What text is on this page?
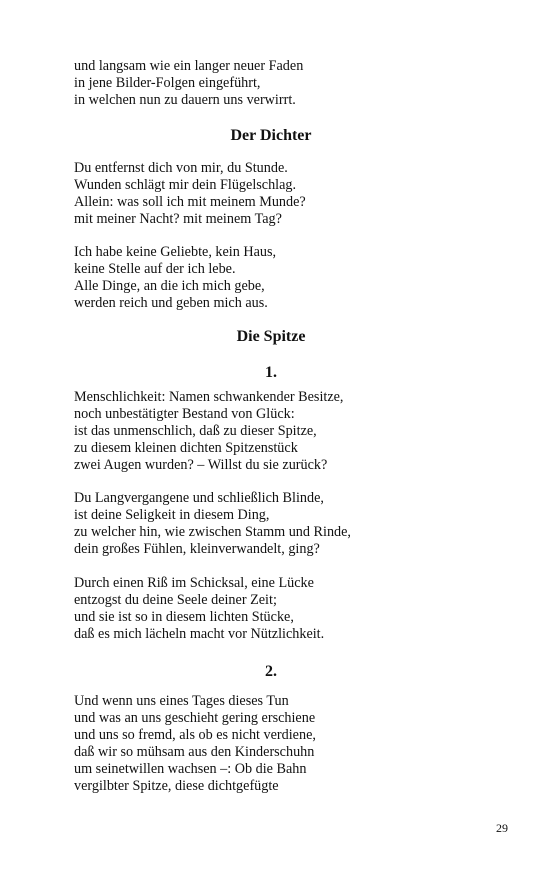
und langsam wie ein langer neuer Faden
in jene Bilder-Folgen eingeführt,
in welchen nun zu dauern uns verwirrt.
Der Dichter
Du entfernst dich von mir, du Stunde.
Wunden schlägt mir dein Flügelschlag.
Allein: was soll ich mit meinem Munde?
mit meiner Nacht? mit meinem Tag?
Ich habe keine Geliebte, kein Haus,
keine Stelle auf der ich lebe.
Alle Dinge, an die ich mich gebe,
werden reich und geben mich aus.
Die Spitze
1.
Menschlichkeit: Namen schwankender Besitze,
noch unbestätigter Bestand von Glück:
ist das unmenschlich, daß zu dieser Spitze,
zu diesem kleinen dichten Spitzenstück
zwei Augen wurden? – Willst du sie zurück?
Du Langvergangene und schließlich Blinde,
ist deine Seligkeit in diesem Ding,
zu welcher hin, wie zwischen Stamm und Rinde,
dein großes Fühlen, kleinverwandelt, ging?
Durch einen Riß im Schicksal, eine Lücke
entzogst du deine Seele deiner Zeit;
und sie ist so in diesem lichten Stücke,
daß es mich lächeln macht vor Nützlichkeit.
2.
Und wenn uns eines Tages dieses Tun
und was an uns geschieht gering erschiene
und uns so fremd, als ob es nicht verdiene,
daß wir so mühsam aus den Kinderschuhn
um seinetwillen wachsen –: Ob die Bahn
vergilbter Spitze, diese dichtgefügte
29
